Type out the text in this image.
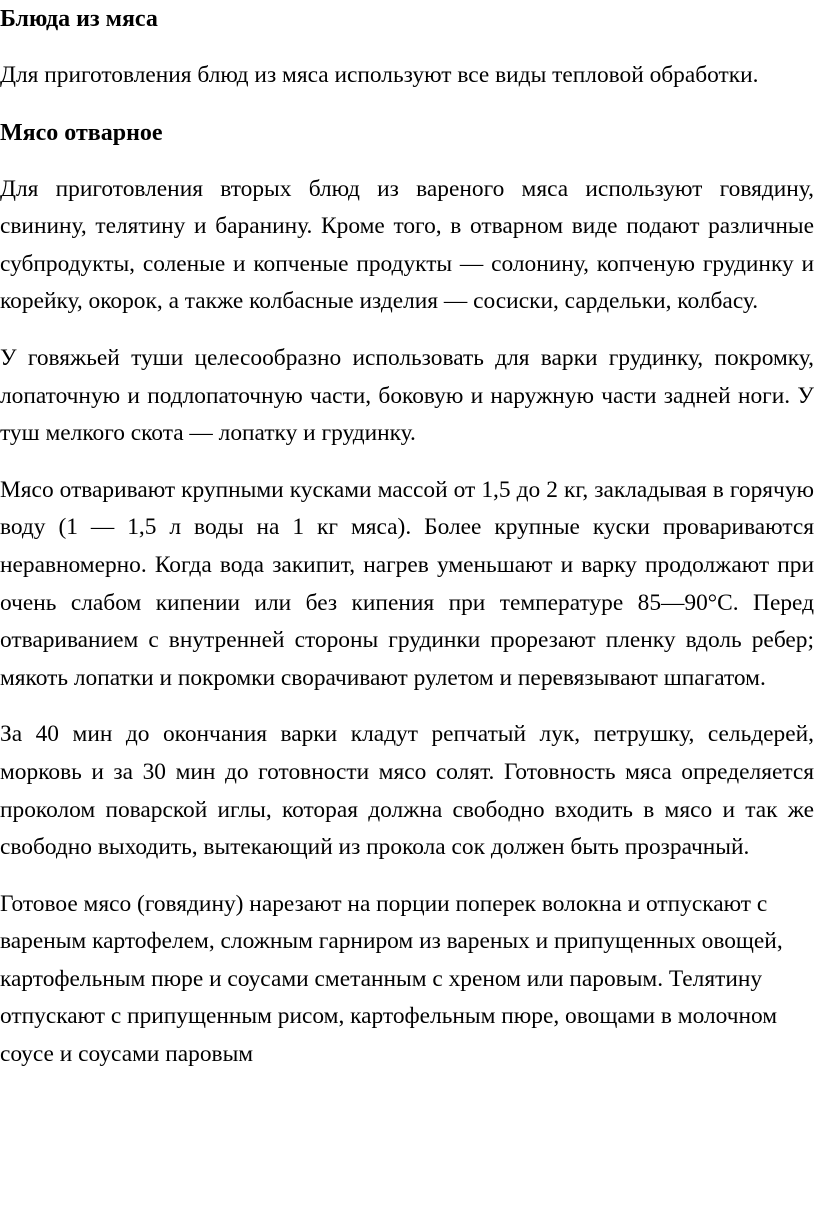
Блюда из мяса

Для приготовления блюд из мяса используют все виды тепловой обработки.

Мясо отварное

Для приготовления вторых блюд из вареного мяса используют говядину, свинину, телятину и баранину. Кроме того, в отварном виде подают различные субпродукты, соленые и копченые продукты — солонину, копченую грудинку и корейку, окорок, а также колбасные изделия — сосиски, сардельки, колбасу.

У говяжьей туши целесообразно использовать для варки грудинку, покромку, лопаточную и подлопаточную части, боковую и наружную части задней ноги. У туш мелкого скота — лопатку и грудинку.

Мясо отваривают крупными кусками массой от 1,5 до 2 кг, закладывая в горячую воду (1 — 1,5 л воды на 1 кг мяса). Более крупные куски провариваются неравномерно. Когда вода закипит, нагрев уменьшают и варку продолжают при очень слабом кипении или без кипения при температуре 85—90°С. Перед отвариванием с внутренней стороны грудинки прорезают пленку вдоль ребер; мякоть лопатки и покромки сворачивают рулетом и перевязывают шпагатом.

За 40 мин до окончания варки кладут репчатый лук, петрушку, сельдерей, морковь и за 30 мин до готовности мясо солят. Готовность мяса определяется проколом поварской иглы, которая должна свободно входить в мясо и так же свободно выходить, вытекающий из прокола сок должен быть прозрачный.

Готовое мясо (говядину) нарезают на порции поперек волокна и отпускают с вареным картофелем, сложным гарниром из вареных и припущенных овощей, картофельным пюре и соусами сметанным с хреном или паровым. Телятину отпускают с припущенным рисом, картофельным пюре, овощами в молочном соусе и соусами паровым
